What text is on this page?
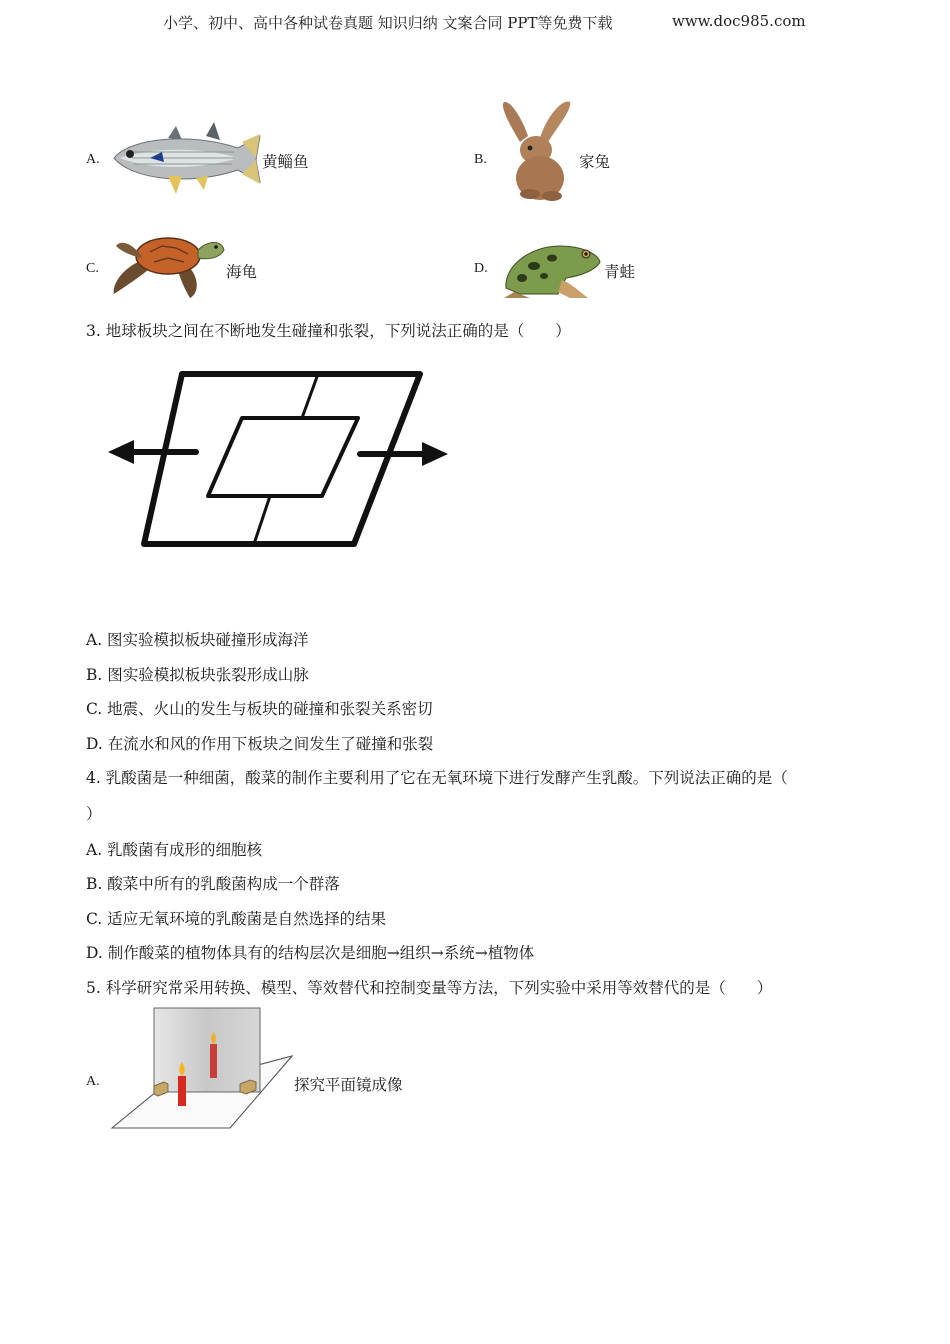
小学、初中、高中各种试卷真题 知识归纳 文案合同 PPT等免费下载	www.doc985.com
A.	黄鲻鱼	B.	家兔
C.	海龟	D.	青蛙
3. 地球板块之间在不断地发生碰撞和张裂，下列说法正确的是（　　）
A. 图实验模拟板块碰撞形成海洋
B. 图实验模拟板块张裂形成山脉
C. 地震、火山的发生与板块的碰撞和张裂关系密切
D. 在流水和风的作用下板块之间发生了碰撞和张裂
4. 乳酸菌是一种细菌，酸菜的制作主要利用了它在无氧环境下进行发酵产生乳酸。下列说法正确的是（
）
A. 乳酸菌有成形的细胞核
B. 酸菜中所有的乳酸菌构成一个群落
C. 适应无氧环境的乳酸菌是自然选择的结果
D. 制作酸菜的植物体具有的结构层次是细胞→组织→系统→植物体
5. 科学研究常采用转换、模型、等效替代和控制变量等方法，下列实验中采用等效替代的是（　　）
A.	探究平面镜成像
